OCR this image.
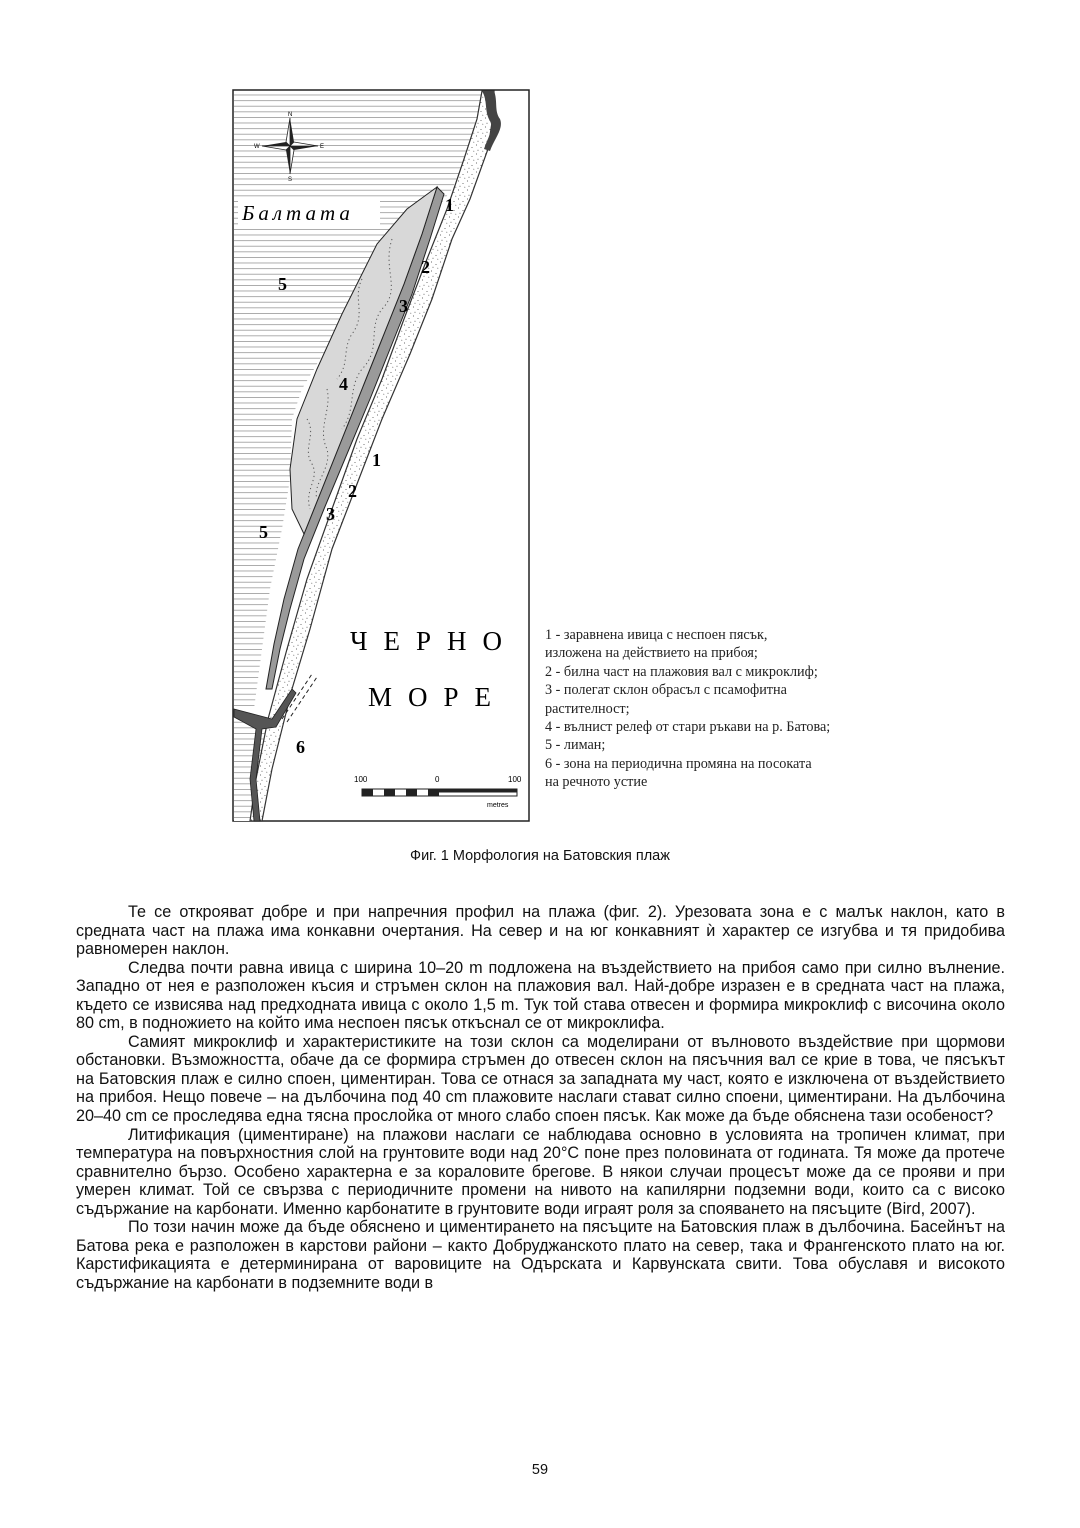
N
S
E
W
Балтата
ЧЕРНО
МОРЕ
1
2
3
5
4
1
2
3
5
6
100	0	100
metres
1 - заравнена ивица с неспоен пясък,
изложена на действието на прибоя;
2 - билна част на плажовия вал с микроклиф;
3 - полегат склон обрасъл с псамофитна
растителност;
4 - вълнист релеф от стари ръкави на р. Батова;
5 - лиман;
6 - зона на периодична промяна на посоката
на речното устие
Фиг. 1 Морфология на Батовския плаж

Те се открояват добре и при напречния профил на плажа (фиг. 2). Урезовата зона е с малък наклон, като в средната част на плажа има конкавни очертания. На север и на юг конкавният ѝ характер се изгубва и тя придобива равномерен наклон.

Следва почти равна ивица с ширина 10–20 m подложена на въздействието на прибоя само при силно вълнение. Западно от нея е разположен късия и стръмен склон на плажовия вал. Най-добре изразен е в средната част на плажа, където се извисява над предходната ивица с около 1,5 m. Тук той става отвесен и формира микроклиф с височина около 80 cm, в подножието на който има неспоен пясък откъснал се от микроклифа.

Самият микроклиф и характеристиките на този склон са моделирани от вълновото въздействие при щормови обстановки. Възможността, обаче да се формира стръмен до отвесен склон на пясъчния вал се крие в това, че пясъкът на Батовския плаж е силно споен, циментиран. Това се отнася за западната му част, която е изключена от въздействието на прибоя. Нещо повече – на дълбочина под 40 cm плажовите наслаги стават силно споени, циментирани. На дълбочина 20–40 cm се проследява една тясна прослойка от много слабо споен пясък. Как може да бъде обяснена тази особеност?

Литификация (циментиране) на плажови наслаги се наблюдава основно в условията на тропичен климат, при температура на повърхностния слой на грунтовите води над 20°С поне през половината от годината. Тя може да протече сравнително бързо. Особено характерна е за кораловите брегове. В някои случаи процесът може да се прояви и при умерен климат. Той се свързва с периодичните промени на нивото на капилярни подземни води, които са с високо съдържание на карбонати. Именно карбонатите в грунтовите води играят роля за спояването на пясъците (Bird, 2007).

По този начин може да бъде обяснено и циментирането на пясъците на Батовския плаж в дълбочина. Басейнът на Батова река е разположен в карстови райони – както Добруджанското плато на север, така и Франгенското плато на юг. Карстификацията е детерминирана от варовиците на Одърската и Карвунската свити. Това обуславя и високото съдържание на карбонати в подземните води в

59
